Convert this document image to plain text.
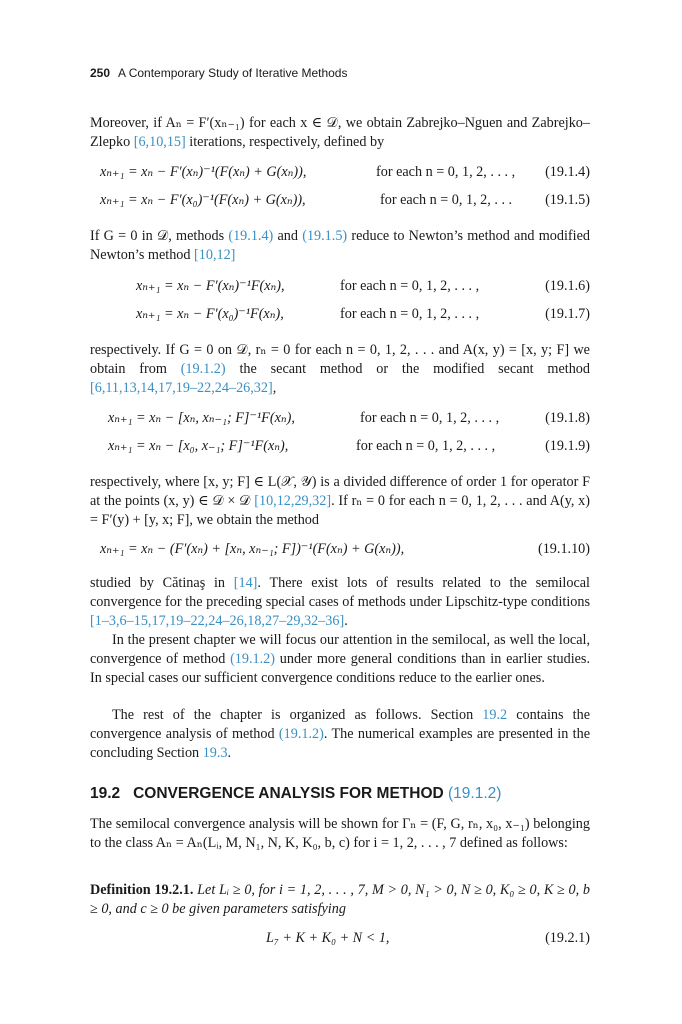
250 A Contemporary Study of Iterative Methods

Moreover, if Aₙ = F′(xₙ₋₁) for each x ∈ 𝒟, we obtain Zabrejko–Nguen and Zabrejko–Zlepko [6,10,15] iterations, respectively, defined by

xₙ₊₁ = xₙ − F′(xₙ)⁻¹(F(xₙ) + G(xₙ)),	for each n = 0, 1, 2, . . . , (19.1.4)
xₙ₊₁ = xₙ − F′(x₀)⁻¹(F(xₙ) + G(xₙ)),	for each n = 0, 1, 2, . . . (19.1.5)

If G = 0 in 𝒟, methods (19.1.4) and (19.1.5) reduce to Newton’s method and modified Newton’s method [10,12]

xₙ₊₁ = xₙ − F′(xₙ)⁻¹F(xₙ),	for each n = 0, 1, 2, . . . ,	(19.1.6)
xₙ₊₁ = xₙ − F′(x₀)⁻¹F(xₙ),	for each n = 0, 1, 2, . . . ,	(19.1.7)

respectively. If G = 0 on 𝒟, rₙ = 0 for each n = 0, 1, 2, . . . and A(x, y) = [x, y; F] we obtain from (19.1.2) the secant method or the modified secant method [6,11,13,14,17,19–22,24–26,32],

xₙ₊₁ = xₙ − [xₙ, xₙ₋₁; F]⁻¹F(xₙ),	for each n = 0, 1, 2, . . . ,	(19.1.8)
xₙ₊₁ = xₙ − [x₀, x₋₁; F]⁻¹F(xₙ),	for each n = 0, 1, 2, . . . ,	(19.1.9)

respectively, where [x, y; F] ∈ L(𝒳, 𝒴) is a divided difference of order 1 for operator F at the points (x, y) ∈ 𝒟 × 𝒟 [10,12,29,32]. If rₙ = 0 for each n = 0, 1, 2, . . . and A(y, x) = F′(y) + [y, x; F], we obtain the method

xₙ₊₁ = xₙ − (F′(xₙ) + [xₙ, xₙ₋₁; F])⁻¹(F(xₙ) + G(xₙ)),	(19.1.10)

studied by Cătinaş in [14]. There exist lots of results related to the semilocal convergence for the preceding special cases of methods under Lipschitz-type conditions [1–3,6–15,17,19–22,24–26,18,27–29,32–36].

In the present chapter we will focus our attention in the semilocal, as well the local, convergence of method (19.1.2) under more general conditions than in earlier studies. In special cases our sufficient convergence conditions reduce to the earlier ones.

The rest of the chapter is organized as follows. Section 19.2 contains the convergence analysis of method (19.1.2). The numerical examples are presented in the concluding Section 19.3.

19.2 CONVERGENCE ANALYSIS FOR METHOD (19.1.2)

The semilocal convergence analysis will be shown for Γₙ = (F, G, rₙ, x₀, x₋₁) belonging to the class Aₙ = Aₙ(Lᵢ, M, N₁, N, K, K₀, b, c) for i = 1, 2, . . . , 7 defined as follows:

Definition 19.2.1. Let Lᵢ ≥ 0, for i = 1, 2, . . . , 7, M > 0, N₁ > 0, N ≥ 0, K₀ ≥ 0, K ≥ 0, b ≥ 0, and c ≥ 0 be given parameters satisfying

L₇ + K + K₀ + N < 1,	(19.2.1)
